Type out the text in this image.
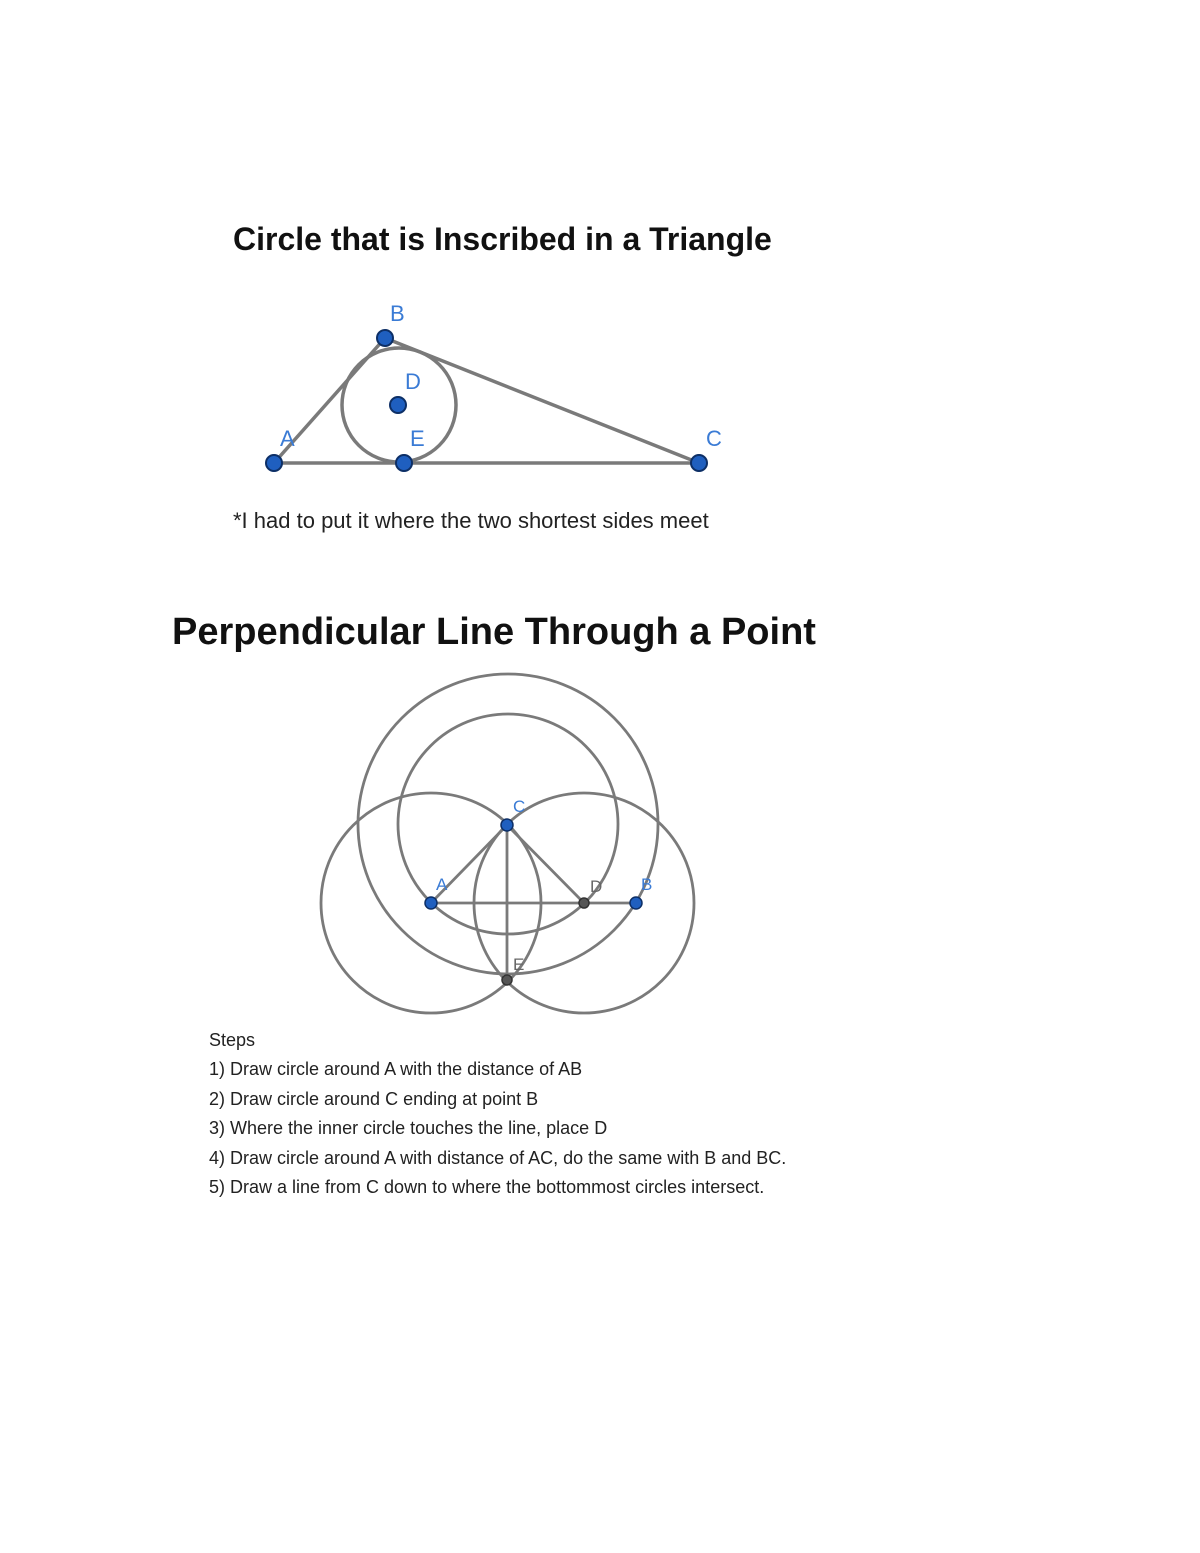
Circle that is Inscribed in a Triangle
A
B
C
D
E
A	B
C
D
E
*I had to put it where the two shortest sides meet
Perpendicular Line Through a Point
Steps
1) Draw circle around A with the distance of AB
2) Draw circle around C ending at point B
3) Where the inner circle touches the line, place D
4) Draw circle around A with distance of AC, do the same with B and BC.
5) Draw a line from C down to where the bottommost circles intersect.
